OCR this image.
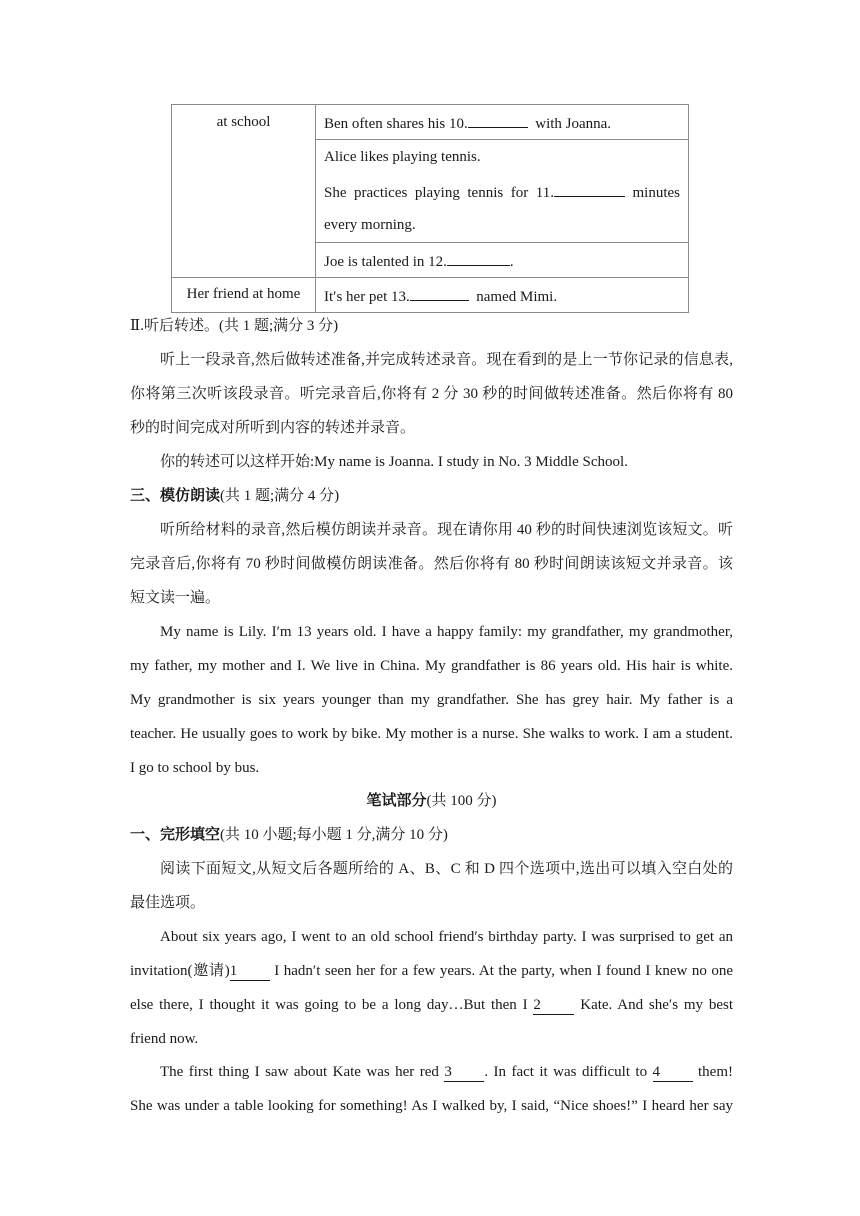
at school	Ben often shares his 10. with Joanna.

	Alice likes playing tennis.
She practices playing tennis for 11. minutes
every morning.

	Joe is talented in 12. .

Her friend at home	It′s her pet 13. named Mimi.
Ⅱ.听后转述。(共 1 题;满分 3 分)
听上一段录音,然后做转述准备,并完成转述录音。现在看到的是上一节你记录的信息表,
你将第三次听该段录音。听完录音后,你将有 2 分 30 秒的时间做转述准备。然后你将有 80
秒的时间完成对所听到内容的转述并录音。
你的转述可以这样开始:My name is Joanna. I study in No. 3 Middle School.
三、模仿朗读(共 1 题;满分 4 分)
听所给材料的录音,然后模仿朗读并录音。现在请你用 40 秒的时间快速浏览该短文。听
完录音后,你将有 70 秒时间做模仿朗读准备。然后你将有 80 秒时间朗读该短文并录音。该
短文读一遍。
My name is Lily. I′m 13 years old. I have a happy family: my grandfather, my grandmother,
my father, my mother and I. We live in China. My grandfather is 86 years old. His hair is white.
My grandmother is six years younger than my grandfather. She has grey hair. My father is a
teacher. He usually goes to work by bike. My mother is a nurse. She walks to work. I am a student.
I go to school by bus.
笔试部分(共 100 分)
一、完形填空(共 10 小题;每小题 1 分,满分 10 分)
阅读下面短文,从短文后各题所给的 A、B、C 和 D 四个选项中,选出可以填入空白处的
最佳选项。
About six years ago, I went to an old school friend′s birthday party. I was surprised to get an
invitation(邀请)1 I hadn′t seen her for a few years. At the party, when I found I knew no one
else there, I thought it was going to be a long day…But then I 2 Kate. And she′s my best
friend now.
The first thing I saw about Kate was her red 3 . In fact it was difficult to 4 them!
She was under a table looking for something! As I walked by, I said, “Nice shoes!” I heard her say
